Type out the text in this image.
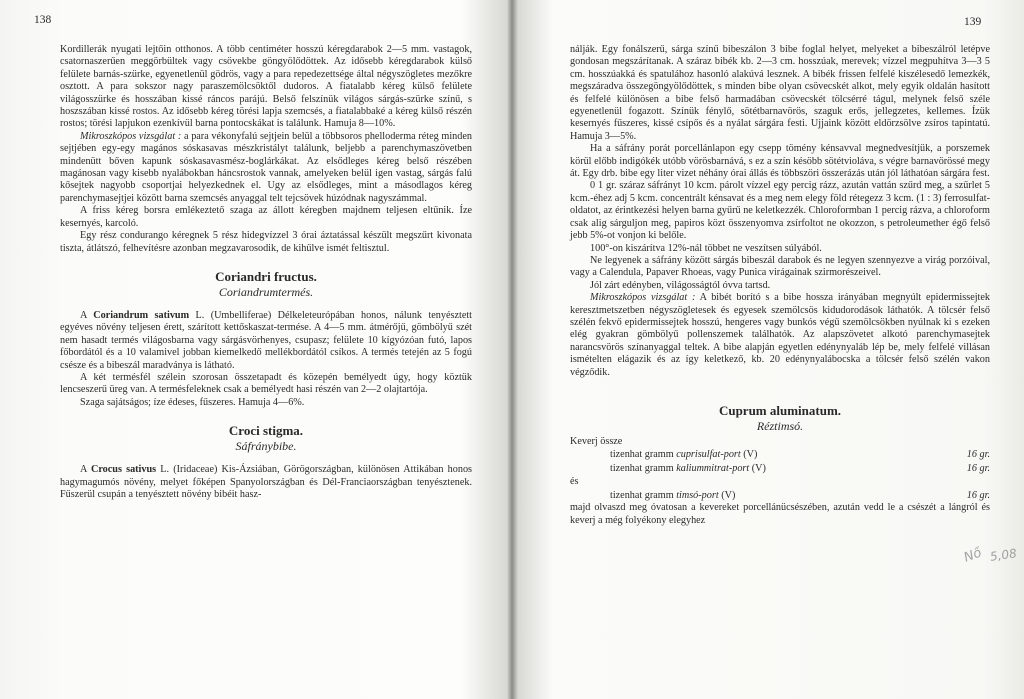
138

Kordillerák nyugati lejtőin otthonos. A több centiméter hosszú kéregdarabok 2—5 mm. vastagok, csatornaszerűen meggörbültek vagy csövekbe göngyölődöttek. Az idősebb kéregdarabok külső felülete barnás-szürke, egyenetlenül gödrös, vagy a para repedezettsége által négyszögletes mezőkre osztott. A para sokszor nagy paraszemölcsöktől dudoros. A fiatalabb kéreg külső felülete világosszürke és hosszában kissé ráncos parájú. Belső felszínük világos sárgás-szürke színű, s hoszszában kissé rostos. Az idősebb kéreg törési lapja szemcsés, a fiatalabbaké a kéreg külső részén rostos; törési lapjukon ezenkívül barna pontocskákat is találunk. Hamuja 8—10%.

Mikroszkópos vizsgálat : a para vékonyfalú sejtjein belül a többsoros phelloderma réteg minden sejtjében egy-egy magános sóskasavas mészkristályt találunk, beljebb a parenchymaszövetben mindenütt bőven kapunk sóskasavasmész-boglárkákat. Az elsődleges kéreg belső részében magánosan vagy kisebb nyalábokban háncsrostok vannak, amelyeken belül igen vastag, sárgás falú kősejtek nagyobb csoportjai helyezkednek el. Ugy az elsődleges, mint a másodlagos kéreg parenchymasejtjei között barna szemcsés anyaggal telt tejcsövek húzódnak nagyszámmal.

A friss kéreg borsra emlékeztető szaga az állott kéregben majdnem teljesen eltűnik. Íze kesernyés, karcoló.

Egy rész condurango kéregnek 5 rész hidegvízzel 3 órai áztatással készült megszűrt kivonata tiszta, átlátszó, felhevítésre azonban megzavarosodik, de kihűlve ismét feltisztul.

Coriandri fructus.
Coriandrumtermés.

A Coriandrum sativum L. (Umbelliferae) Délkeleteurópában honos, nálunk tenyésztett egyéves növény teljesen érett, szárított kettőskaszat-termése. A 4—5 mm. átmérőjű, gömbölyű szét nem hasadt termés világosbarna vagy sárgásvörhenyes, csupasz; felülete 10 kígyózóan futó, lapos főbordától és a 10 valamivel jobban kiemelkedő mellékbordától csíkos. A termés tetején az 5 fogú csésze és a bibeszál maradványa is látható.

A két termésfél szélein szorosan összetapadt és közepén bemélyedt úgy, hogy köztük lencseszerű üreg van. A termésfeleknek csak a bemélyedt hasi részén van 2—2 olajtartója.

Szaga sajátságos; íze édeses, fűszeres. Hamuja 4—6%.

Croci stigma.
Sáfránybibe.

A Crocus sativus L. (Iridaceae) Kis-Ázsiában, Görögországban, különösen Attikában honos hagymagumós növény, melyet főképen Spanyolországban és Dél-Franciaországban tenyésztenek. Fűszerül csupán a tenyésztett növény bibéit hasz-

139

nálják. Egy fonálszerű, sárga színű bibeszálon 3 bibe foglal helyet, melyeket a bibeszálról letépve gondosan megszárítanak. A száraz bibék kb. 2—3 cm. hosszúak, merevek; vízzel megpuhítva 3—3 5 cm. hosszúakká és spatulához hasonló alakúvá lesznek. A bibék frissen felfelé kiszélesedő lemezkék, megszáradva összegöngyölődöttek, s minden bibe olyan csövecskét alkot, mely egyik oldalán hasított és felfelé különösen a bibe felső harmadában csövecskét tölcsérré tágul, melynek felső széle egyenetlenül fogazott. Színük fénylő, sötétbarnavörös, szaguk erős, jellegzetes, kellemes. Ízük kesernyés fűszeres, kissé csípős és a nyálat sárgára festi. Ujjaink között eldörzsölve zsíros tapintatú. Hamuja 3—5%.

Ha a sáfrány porát porcellánlapon egy csepp tömény kénsavval megnedvesítjük, a porszemek körül előbb indigókék utóbb vörösbarnává, s ez a szín késöbb sötétvioláva, s végre barnavörössé megy át. Egy drb. bibe egy liter vizet néhány órai állás és többszöri összerázás után jól láthatóan sárgára fest.

0 1 gr. száraz sáfrányt 10 kcm. párolt vízzel egy percig rázz, azután vattán szűrd meg, a szűrlet 5 kcm.-éhez adj 5 kcm. concentrált kénsavat és a meg nem elegy föld rétegezz 3 kcm. (1 : 3) ferrosulfat-oldatot, az érintkezési helyen barna gyűrű ne keletkezzék. Chloroformban 1 percig rázva, a chloroform csak alig sárguljon meg, papiros közt összenyomva zsírfoltot ne okozzon, s petroleumether égő felső jebb 5%-ot vonjon ki belőle.

100°-on kiszárítva 12%-nál többet ne veszítsen súlyából.

Ne legyenek a sáfrány között sárgás bibeszál darabok és ne legyen szennyezve a virág porzóival, vagy a Calendula, Papaver Rhoeas, vagy Punica virágainak szirmorészeivel.

Jól zárt edényben, világosságtól óvva tartsd.

Mikroszkópos vizsgálat : A bibét borító s a bibe hossza irányában megnyúlt epidermissejtek keresztmetszetben négyszögletesek és egyesek szemölcsös kidudorodások láthatók. A tölcsér felső szélén fekvő epidermissejtek hosszú, hengeres vagy bunkós végű szemölcsökben nyúlnak ki s ezeken elég gyakran gömbölyű pollenszemek találhatók. Az alapszövetet alkotó parenchymasejtek narancsvörös színanyaggal teltek. A bibe alapján egyetlen edénynyaláb lép be, mely felfelé villásan ismételten elágazik és az így keletkező, kb. 20 edénynyalábocska a tölcsér felső szélén vakon végződik.

Cuprum aluminatum.
Réztimsó.

Keverj össze

	tizenhat gramm cuprisulfat-port (V)	16 gr.
	tizenhat gramm kaliummitrat-port (V)	16 gr.
és		
	tizenhat gramm timsó-port (V)	16 gr.

majd olvaszd meg óvatosan a kevereket porcellánücsészében, azután vedd le a csészét a lángról és keverj a még folyékony elegyhez

Nő 5,08
